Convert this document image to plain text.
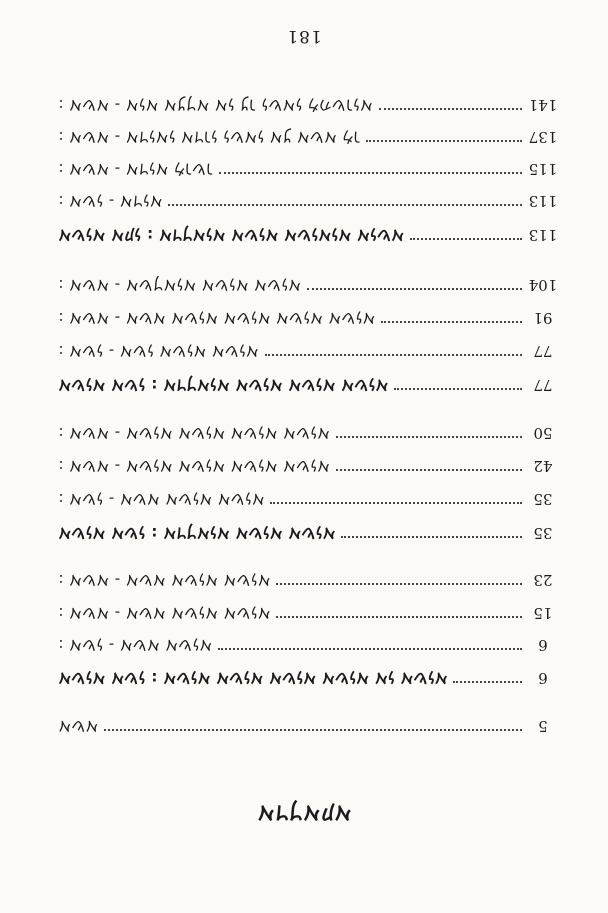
181
𐡀𐡔𐡀 - 𐡀𐡍𐡀 𐡀𐡊𐡓𐡀 𐡀𐡍 𐡊𐡅 𐡍𐡔𐡀𐡍 𐡌𐡄𐡔𐡅𐡍𐡀 :	141
𐡀𐡔𐡀 - 𐡀𐡃𐡍𐡀𐡍 𐡀𐡃𐡅𐡍 𐡍𐡔𐡀𐡍 𐡀𐡊 𐡀𐡔𐡀 𐡌𐡅 :	137
𐡀𐡔𐡀 - 𐡀𐡃𐡍𐡀 𐡌𐡅𐡔𐡅 :	115
𐡀𐡔𐡍 - 𐡀𐡃𐡍𐡀 :	113
𐡀𐡔𐡍𐡀 𐡀𐡕𐡍 : 𐡀𐡃𐡓𐡀𐡍𐡀 𐡀𐡔𐡍𐡀 𐡀𐡔𐡍𐡀𐡍𐡀 𐡀𐡍𐡔𐡀	113
𐡀𐡔𐡀 - 𐡀𐡔𐡓𐡀𐡍𐡀 𐡀𐡔𐡍𐡀 𐡀𐡔𐡍𐡀 :	104
𐡀𐡔𐡀 - 𐡀𐡔𐡀 𐡀𐡔𐡍𐡀 𐡀𐡔𐡍𐡀 𐡀𐡔𐡍𐡀 𐡀𐡔𐡍𐡀 :	91
𐡀𐡔𐡍 - 𐡀𐡔𐡍 𐡀𐡔𐡍𐡀 𐡀𐡔𐡍𐡀 :	77
𐡀𐡔𐡍𐡀 𐡀𐡔𐡍 : 𐡀𐡃𐡓𐡀𐡍𐡀 𐡀𐡔𐡍𐡀 𐡀𐡔𐡍𐡀 𐡀𐡔𐡍𐡀	77
𐡀𐡔𐡀 - 𐡀𐡔𐡍𐡀 𐡀𐡔𐡍𐡀 𐡀𐡔𐡍𐡀 𐡀𐡔𐡍𐡀 :	50
𐡀𐡔𐡀 - 𐡀𐡔𐡍𐡀 𐡀𐡔𐡍𐡀 𐡀𐡔𐡍𐡀 𐡀𐡔𐡍𐡀 :	42
𐡀𐡔𐡍 - 𐡀𐡔𐡀 𐡀𐡔𐡍𐡀 𐡀𐡔𐡍𐡀 :	35
𐡀𐡔𐡍𐡀 𐡀𐡔𐡍 : 𐡀𐡃𐡓𐡀𐡍𐡀 𐡀𐡔𐡍𐡀 𐡀𐡔𐡍𐡀	35
𐡀𐡔𐡀 - 𐡀𐡔𐡀 𐡀𐡔𐡍𐡀 𐡀𐡔𐡍𐡀 :	23
𐡀𐡔𐡀 - 𐡀𐡔𐡀 𐡀𐡔𐡍𐡀 𐡀𐡔𐡍𐡀 :	15
𐡀𐡔𐡍 - 𐡀𐡔𐡀 𐡀𐡔𐡍𐡀 :	6
𐡀𐡔𐡍𐡀 𐡀𐡔𐡍 : 𐡀𐡔𐡍𐡀 𐡀𐡔𐡍𐡀 𐡀𐡔𐡍𐡀 𐡀𐡔𐡍𐡀 𐡀𐡍 𐡀𐡔𐡍𐡀	6
𐡀𐡔𐡀	5
𐡀𐡃𐡓𐡀𐡕𐡀
